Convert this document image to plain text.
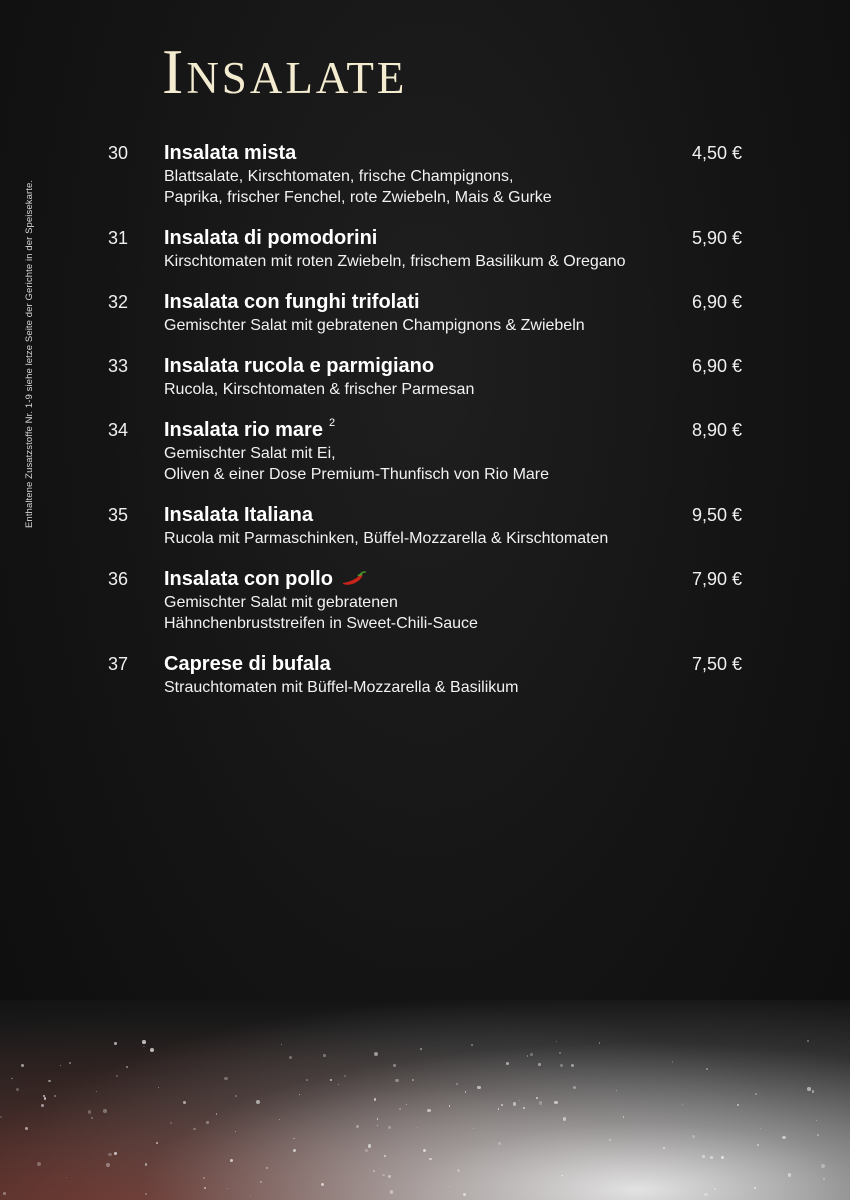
Enthaltene Zusatzstoffe Nr. 1-9 siehe letze Seite der Gerichte in der Speisekarte.
Insalate
30 Insalata mista	4,50 €
Blattsalate, Kirschtomaten, frische Champignons,
Paprika, frischer Fenchel, rote Zwiebeln, Mais & Gurke
31 Insalata di pomodorini	5,90 €
Kirschtomaten mit roten Zwiebeln, frischem Basilikum & Oregano
32 Insalata con funghi trifolati	6,90 €
Gemischter Salat mit gebratenen Champignons & Zwiebeln
33 Insalata rucola e parmigiano	6,90 €
Rucola, Kirschtomaten & frischer Parmesan
34 Insalata rio mare 2	8,90 €
Gemischter Salat mit Ei,
Oliven & einer Dose Premium-Thunfisch von Rio Mare
35 Insalata Italiana	9,50 €
Rucola mit Parmaschinken, Büffel-Mozzarella & Kirschtomaten
36 Insalata con pollo	7,90 €
Gemischter Salat mit gebratenen
Hähnchenbruststreifen in Sweet-Chili-Sauce
37 Caprese di bufala	7,50 €
Strauchtomaten mit Büffel-Mozzarella & Basilikum
